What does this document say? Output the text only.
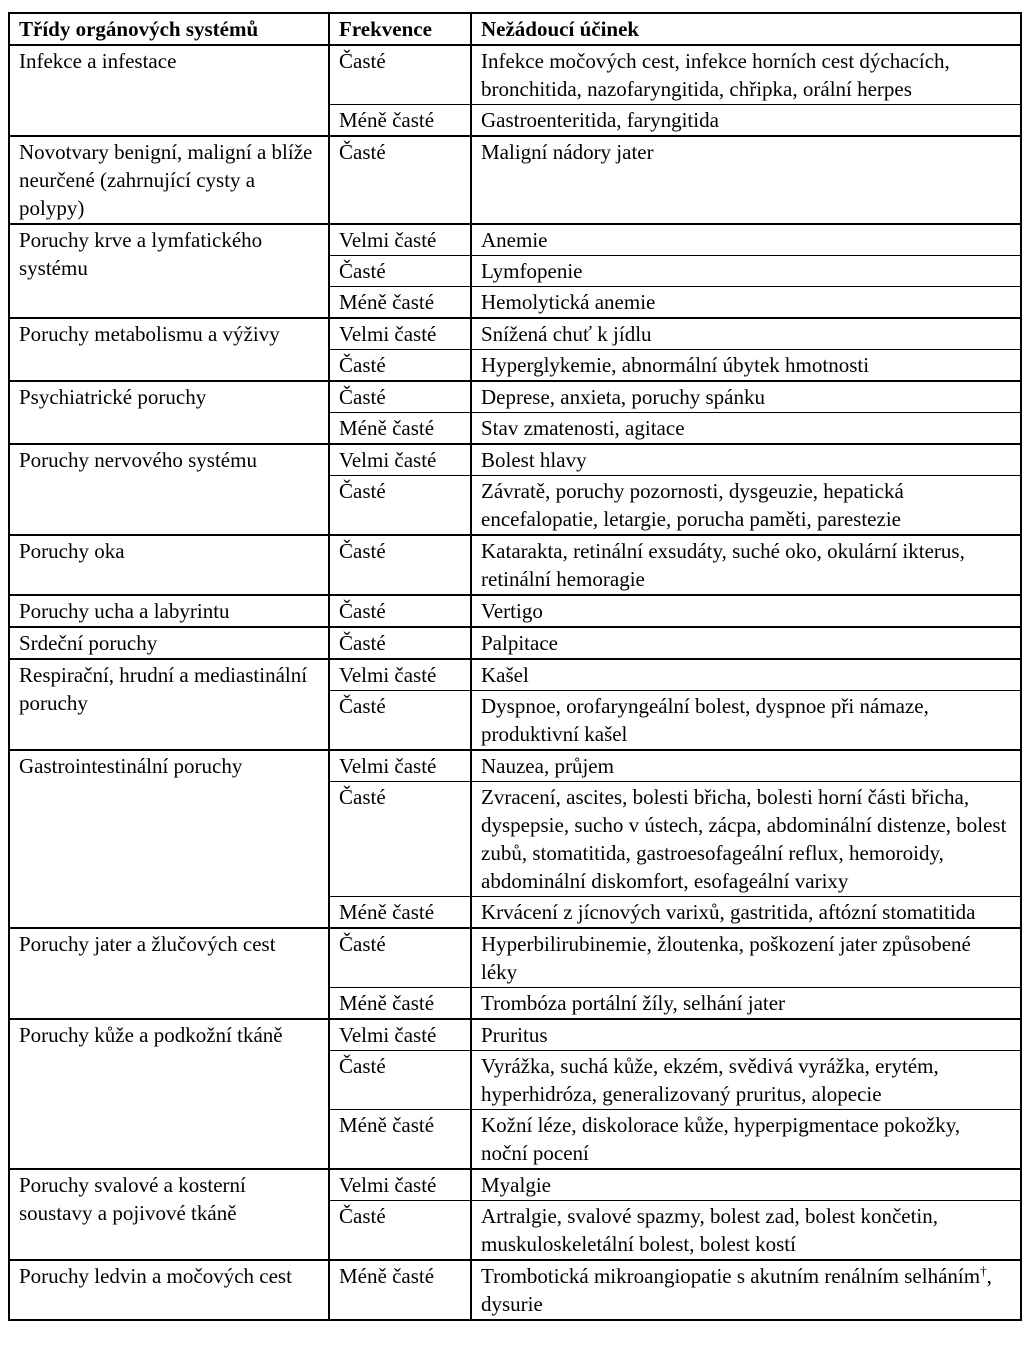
Třídy orgánových systémů	Frekvence	Nežádoucí účinek
Infekce a infestace	Časté	Infekce močových cest, infekce horních cest dýchacích, bronchitida, nazofaryngitida, chřipka, orální herpes
	Méně časté	Gastroenteritida, faryngitida
Novotvary benigní, maligní a blíže neurčené (zahrnující cysty a polypy)	Časté	Maligní nádory jater
Poruchy krve a lymfatického systému	Velmi časté	Anemie
	Časté	Lymfopenie
	Méně časté	Hemolytická anemie
Poruchy metabolismu a výživy	Velmi časté	Snížená chuť k jídlu
	Časté	Hyperglykemie, abnormální úbytek hmotnosti
Psychiatrické poruchy	Časté	Deprese, anxieta, poruchy spánku
	Méně časté	Stav zmatenosti, agitace
Poruchy nervového systému	Velmi časté	Bolest hlavy
	Časté	Závratě, poruchy pozornosti, dysgeuzie, hepatická encefalopatie, letargie, porucha paměti, parestezie
Poruchy oka	Časté	Katarakta, retinální exsudáty, suché oko, okulární ikterus, retinální hemoragie
Poruchy ucha a labyrintu	Časté	Vertigo
Srdeční poruchy	Časté	Palpitace
Respirační, hrudní a mediastinální poruchy	Velmi časté	Kašel
	Časté	Dyspnoe, orofaryngeální bolest, dyspnoe při námaze, produktivní kašel
Gastrointestinální poruchy	Velmi časté	Nauzea, průjem
	Časté	Zvracení, ascites, bolesti břicha, bolesti horní části břicha, dyspepsie, sucho v ústech, zácpa, abdominální distenze, bolest zubů, stomatitida, gastroesofageální reflux, hemoroidy, abdominální diskomfort, esofageální varixy
	Méně časté	Krvácení z jícnových varixů, gastritida, aftózní stomatitida
Poruchy jater a žlučových cest	Časté	Hyperbilirubinemie, žloutenka, poškození jater způsobené léky
	Méně časté	Trombóza portální žíly, selhání jater
Poruchy kůže a podkožní tkáně	Velmi časté	Pruritus
	Časté	Vyrážka, suchá kůže, ekzém, svědivá vyrážka, erytém, hyperhidróza, generalizovaný pruritus, alopecie
	Méně časté	Kožní léze, diskolorace kůže, hyperpigmentace pokožky, noční pocení
Poruchy svalové a kosterní soustavy a pojivové tkáně	Velmi časté	Myalgie
	Časté	Artralgie, svalové spazmy, bolest zad, bolest končetin, muskuloskeletální bolest, bolest kostí
Poruchy ledvin a močových cest	Méně časté	Trombotická mikroangiopatie s akutním renálním selháním†, dysurie
